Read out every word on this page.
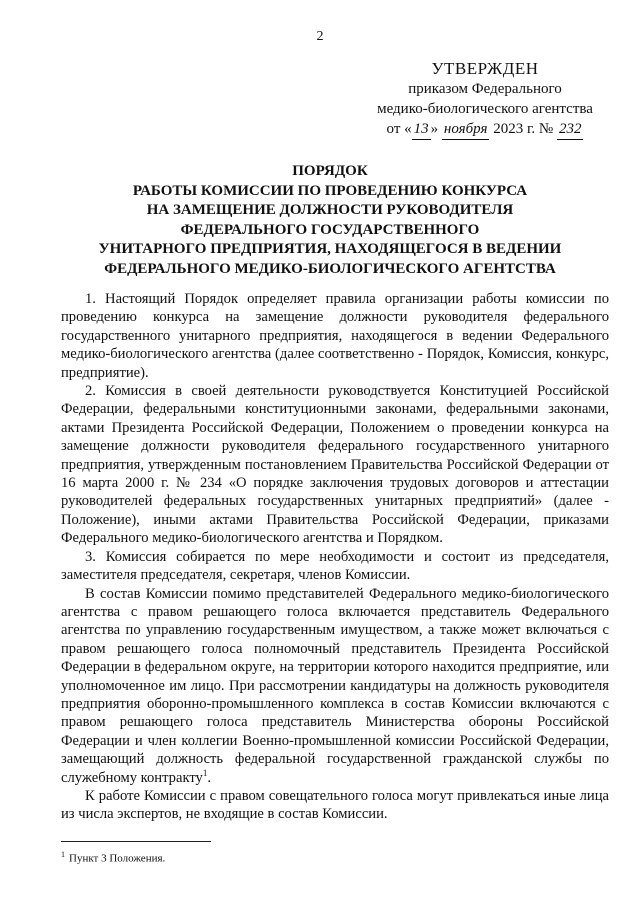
2
УТВЕРЖДЕН
приказом Федерального
медико-биологического агентства
от « 13 » ноября 2023 г. № 232
ПОРЯДОК
РАБОТЫ КОМИССИИ ПО ПРОВЕДЕНИЮ КОНКУРСА
НА ЗАМЕЩЕНИЕ ДОЛЖНОСТИ РУКОВОДИТЕЛЯ
ФЕДЕРАЛЬНОГО ГОСУДАРСТВЕННОГО
УНИТАРНОГО ПРЕДПРИЯТИЯ, НАХОДЯЩЕГОСЯ В ВЕДЕНИИ
ФЕДЕРАЛЬНОГО МЕДИКО-БИОЛОГИЧЕСКОГО АГЕНТСТВА

1. Настоящий Порядок определяет правила организации работы комиссии по проведению конкурса на замещение должности руководителя федерального государственного унитарного предприятия, находящегося в ведении Федерального медико-биологического агентства (далее соответственно - Порядок, Комиссия, конкурс, предприятие).

2. Комиссия в своей деятельности руководствуется Конституцией Российской Федерации, федеральными конституционными законами, федеральными законами, актами Президента Российской Федерации, Положением о проведении конкурса на замещение должности руководителя федерального государственного унитарного предприятия, утвержденным постановлением Правительства Российской Федерации от 16 марта 2000 г. № 234 «О порядке заключения трудовых договоров и аттестации руководителей федеральных государственных унитарных предприятий» (далее - Положение), иными актами Правительства Российской Федерации, приказами Федерального медико-биологического агентства и Порядком.

3. Комиссия собирается по мере необходимости и состоит из председателя, заместителя председателя, секретаря, членов Комиссии.

В состав Комиссии помимо представителей Федерального медико-биологического агентства с правом решающего голоса включается представитель Федерального агентства по управлению государственным имуществом, а также может включаться с правом решающего голоса полномочный представитель Президента Российской Федерации в федеральном округе, на территории которого находится предприятие, или уполномоченное им лицо. При рассмотрении кандидатуры на должность руководителя предприятия оборонно-промышленного комплекса в состав Комиссии включаются с правом решающего голоса представитель Министерства обороны Российской Федерации и член коллегии Военно-промышленной комиссии Российской Федерации, замещающий должность федеральной государственной гражданской службы по служебному контракту$^1$.

К работе Комиссии с правом совещательного голоса могут привлекаться иные лица из числа экспертов, не входящие в состав Комиссии.

$^1$ Пункт 3 Положения.
